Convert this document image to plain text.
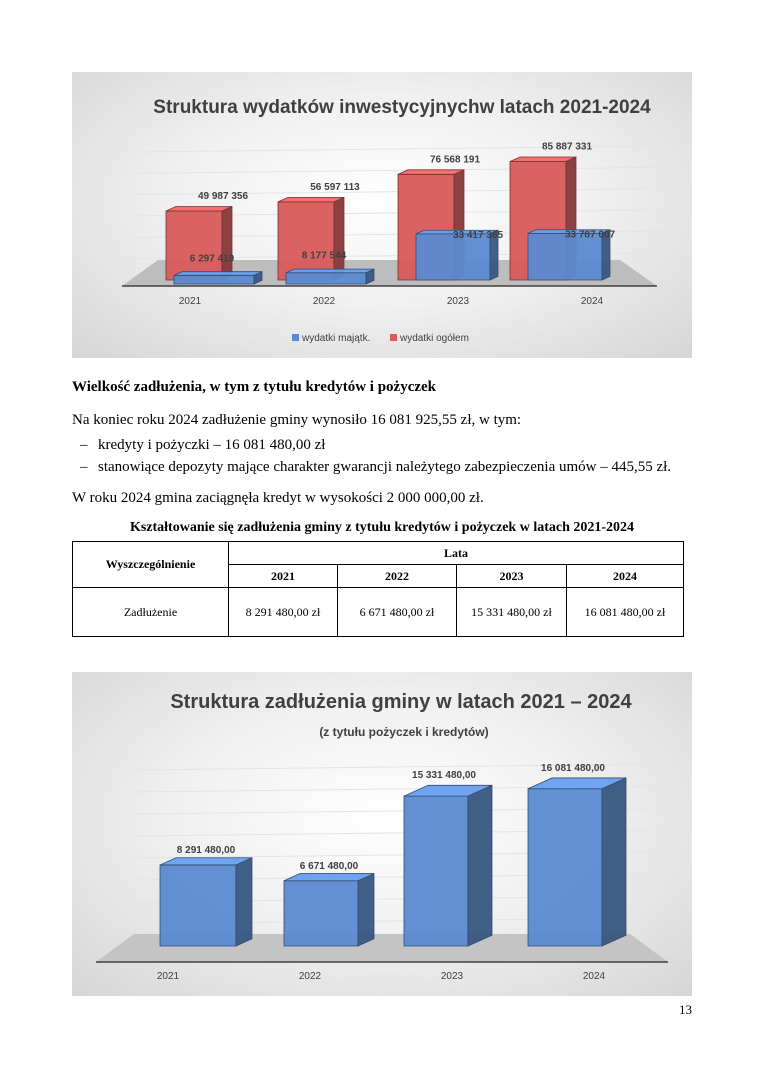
Struktura wydatków inwestycyjnychw latach 2021-2024
49 987 356
6 297 410
2021
56 597 113
8 177 544
2022
76 568 191
33 417 365
2023
85 887 331
33 787 007
2024
wydatki majątk.	wydatki ogółem
Wielkość zadłużenia, w tym z tytułu kredytów i pożyczek

Na koniec roku 2024 zadłużenie gminy wynosiło 16 081 925,55 zł, w tym:

– kredyty i pożyczki – 16 081 480,00 zł
– stanowiące depozyty mające charakter gwarancji należytego zabezpieczenia umów – 445,55 zł.

W roku 2024 gmina zaciągnęła kredyt w wysokości 2 000 000,00 zł.

Kształtowanie się zadłużenia gminy z tytułu kredytów i pożyczek w latach 2021-2024

Wyszczególnienie	Lata			
	2021	2022	2023	2024
Zadłużenie	8 291 480,00 zł	6 671 480,00 zł	15 331 480,00 zł	16 081 480,00 zł
Struktura zadłużenia gminy w latach 2021 – 2024
(z tytułu pożyczek i kredytów)
8 291 480,00
2021
6 671 480,00
2022
15 331 480,00
2023
16 081 480,00
2024
13
